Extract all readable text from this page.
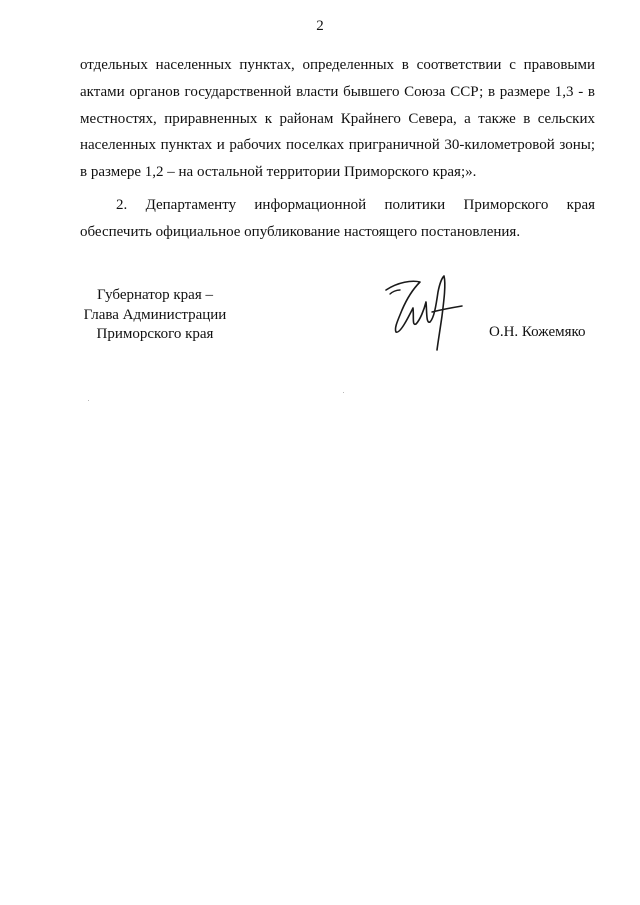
2
отдельных населенных пунктах, определенных в соответствии с правовыми
актами органов государственной власти бывшего Союза ССР; в размере 1,3 - в
местностях, приравненных к районам Крайнего Севера, а также в сельских
населенных пунктах и рабочих поселках приграничной 30-километровой зоны;
в размере 1,2 – на остальной территории Приморского края;».
2. Департаменту информационной политики Приморского края
обеспечить официальное опубликование настоящего постановления.
Губернатор края –
Глава Администрации
Приморского края	О.Н. Кожемяко
